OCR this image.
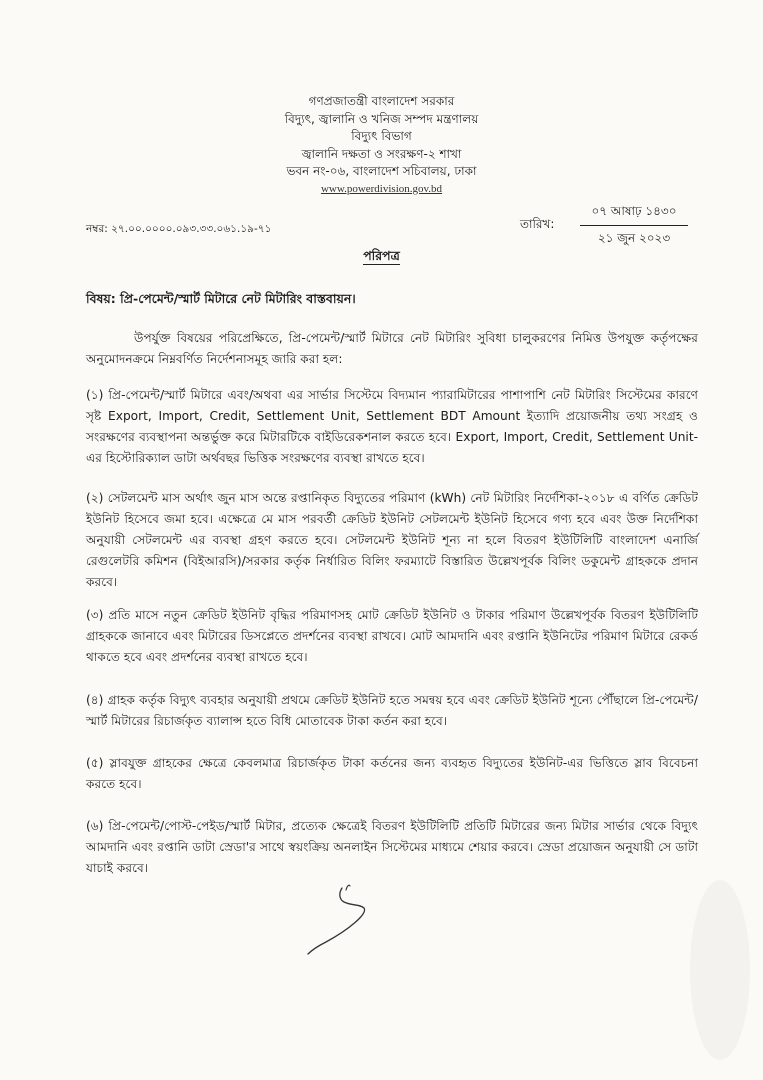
গণপ্রজাতন্ত্রী বাংলাদেশ সরকার
বিদ্যুৎ, জ্বালানি ও খনিজ সম্পদ মন্ত্রণালয়
বিদ্যুৎ বিভাগ
জ্বালানি দক্ষতা ও সংরক্ষণ-২ শাখা
ভবন নং-০৬, বাংলাদেশ সচিবালয়, ঢাকা
www.powerdivision.gov.bd
নম্বর: ২৭.০০.০০০০.০৯৩.৩৩.০৬১.১৯-৭১	তারিখ:
০৭ আষাঢ় ১৪৩০
২১ জুন ২০২৩
পরিপত্র
বিষয়: প্রি-পেমেন্ট/স্মার্ট মিটারে নেট মিটারিং বাস্তবায়ন।
উপর্যুক্ত বিষয়ের পরিপ্রেক্ষিতে, প্রি-পেমেন্ট/স্মার্ট মিটারে নেট মিটারিং সুবিধা চালুকরণের নিমিত্ত উপযুক্ত কর্তৃপক্ষের অনুমোদনক্রমে নিম্নবর্ণিত নির্দেশনাসমূহ জারি করা হল:
(১) প্রি-পেমেন্ট/স্মার্ট মিটারে এবং/অথবা এর সার্ভার সিস্টেমে বিদ্যমান প্যারামিটারের পাশাপাশি নেট মিটারিং সিস্টেমের কারণে সৃষ্ট Export, Import, Credit, Settlement Unit, Settlement BDT Amount ইত্যাদি প্রয়োজনীয় তথ্য সংগ্রহ ও সংরক্ষণের ব্যবস্থাপনা অন্তর্ভুক্ত করে মিটারটিকে বাইডিরেকশনাল করতে হবে। Export, Import, Credit, Settlement Unit-এর হিস্টোরিক্যাল ডাটা অর্থবছর ভিত্তিক সংরক্ষণের ব্যবস্থা রাখতে হবে।
(২) সেটলমেন্ট মাস অর্থাৎ জুন মাস অন্তে রপ্তানিকৃত বিদ্যুতের পরিমাণ (kWh) নেট মিটারিং নির্দেশিকা-২০১৮ এ বর্ণিত ক্রেডিট ইউনিট হিসেবে জমা হবে। এক্ষেত্রে মে মাস পরবর্তী ক্রেডিট ইউনিট সেটলমেন্ট ইউনিট হিসেবে গণ্য হবে এবং উক্ত নির্দেশিকা অনুযায়ী সেটলমেন্ট এর ব্যবস্থা গ্রহণ করতে হবে। সেটলমেন্ট ইউনিট শূন্য না হলে বিতরণ ইউটিলিটি বাংলাদেশ এনার্জি রেগুলেটরি কমিশন (বিইআরসি)/সরকার কর্তৃক নির্ধারিত বিলিং ফরম্যাটে বিস্তারিত উল্লেখপূর্বক বিলিং ডকুমেন্ট গ্রাহককে প্রদান করবে।
(৩) প্রতি মাসে নতুন ক্রেডিট ইউনিট বৃদ্ধির পরিমাণসহ মোট ক্রেডিট ইউনিট ও টাকার পরিমাণ উল্লেখপূর্বক বিতরণ ইউটিলিটি গ্রাহককে জানাবে এবং মিটারের ডিসপ্লেতে প্রদর্শনের ব্যবস্থা রাখবে। মোট আমদানি এবং রপ্তানি ইউনিটের পরিমাণ মিটারে রেকর্ড থাকতে হবে এবং প্রদর্শনের ব্যবস্থা রাখতে হবে।
(৪) গ্রাহক কর্তৃক বিদ্যুৎ ব্যবহার অনুযায়ী প্রথমে ক্রেডিট ইউনিট হতে সমন্বয় হবে এবং ক্রেডিট ইউনিট শূন্যে পৌঁছালে প্রি-পেমেন্ট/স্মার্ট মিটারের রিচার্জকৃত ব্যালান্স হতে বিধি মোতাবেক টাকা কর্তন করা হবে।
(৫) স্লাবযুক্ত গ্রাহকের ক্ষেত্রে কেবলমাত্র রিচার্জকৃত টাকা কর্তনের জন্য ব্যবহৃত বিদ্যুতের ইউনিট-এর ভিত্তিতে স্লাব বিবেচনা করতে হবে।
(৬) প্রি-পেমেন্ট/পোস্ট-পেইড/স্মার্ট মিটার, প্রত্যেক ক্ষেত্রেই বিতরণ ইউটিলিটি প্রতিটি মিটারের জন্য মিটার সার্ভার থেকে বিদ্যুৎ আমদানি এবং রপ্তানি ডাটা স্রেডা'র সাথে স্বয়ংক্রিয় অনলাইন সিস্টেমের মাধ্যমে শেয়ার করবে। স্রেডা প্রয়োজন অনুযায়ী সে ডাটা যাচাই করবে।
